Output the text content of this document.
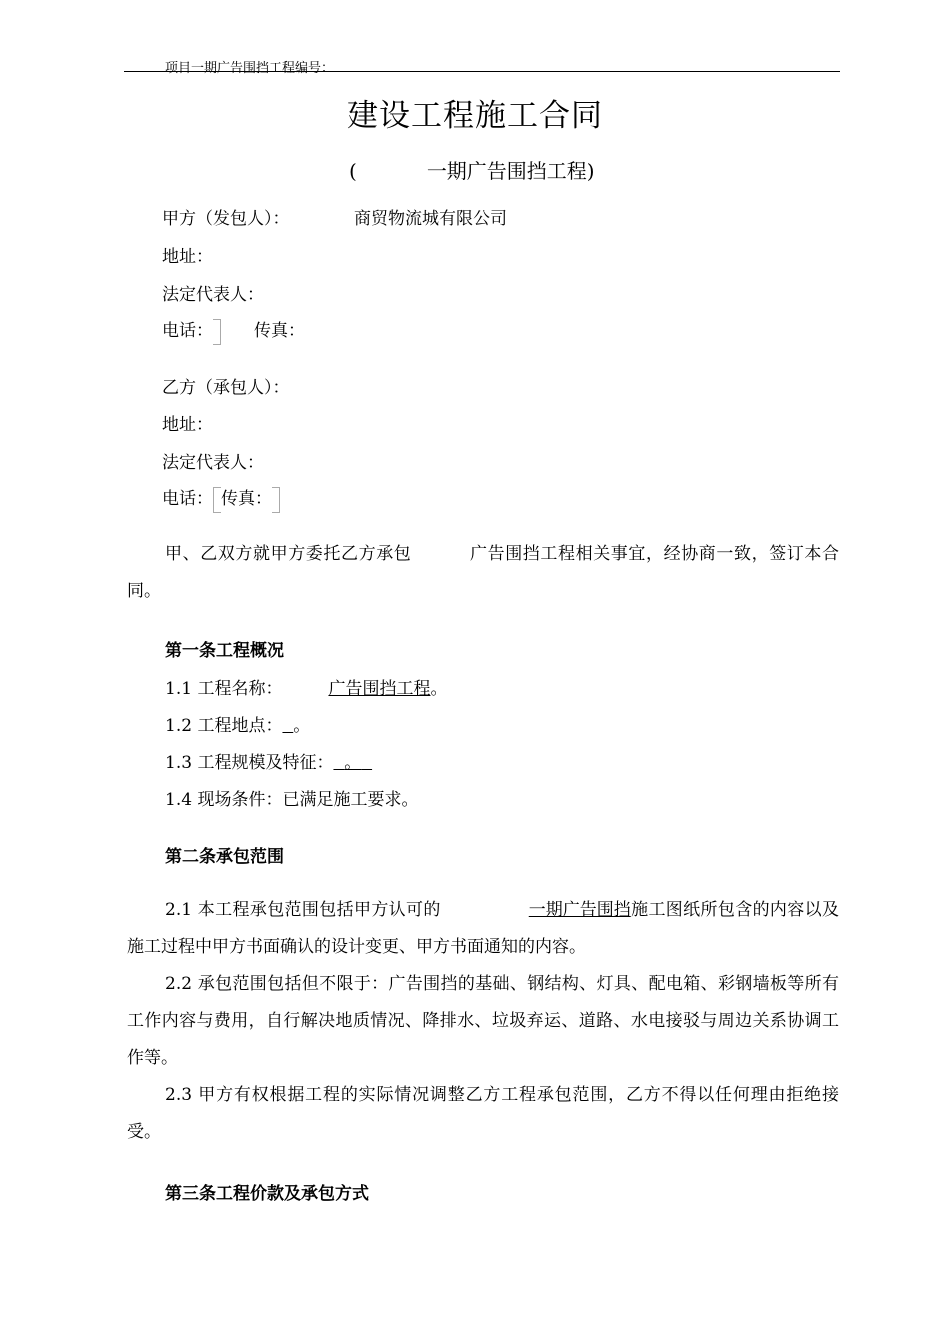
项目一期广告围挡工程编号：
建设工程施工合同
(	一期广告围挡工程)
甲方（发包人）：	商贸物流城有限公司
地址：
法定代表人：
电话： 传真：
乙方（承包人）：
地址：
法定代表人：
电话： 传真：
甲、乙双方就甲方委托乙方承包	广告围挡工程相关事宜，经协商一致，签订本合同。
第一条工程概况
1.1 工程名称：	广告围挡工程。
1.2 工程地点： 。
1.3 工程规模及特征： 。
1.4 现场条件：已满足施工要求。
第二条承包范围
2.1 本工程承包范围包括甲方认可的	一期广告围挡施工图纸所包含的内容以及施工过程中甲方书面确认的设计变更、甲方书面通知的内容。
2.2 承包范围包括但不限于：广告围挡的基础、钢结构、灯具、配电箱、彩钢墙板等所有工作内容与费用，自行解决地质情况、降排水、垃圾弃运、道路、水电接驳与周边关系协调工作等。
2.3 甲方有权根据工程的实际情况调整乙方工程承包范围，乙方不得以任何理由拒绝接受。
第三条工程价款及承包方式
